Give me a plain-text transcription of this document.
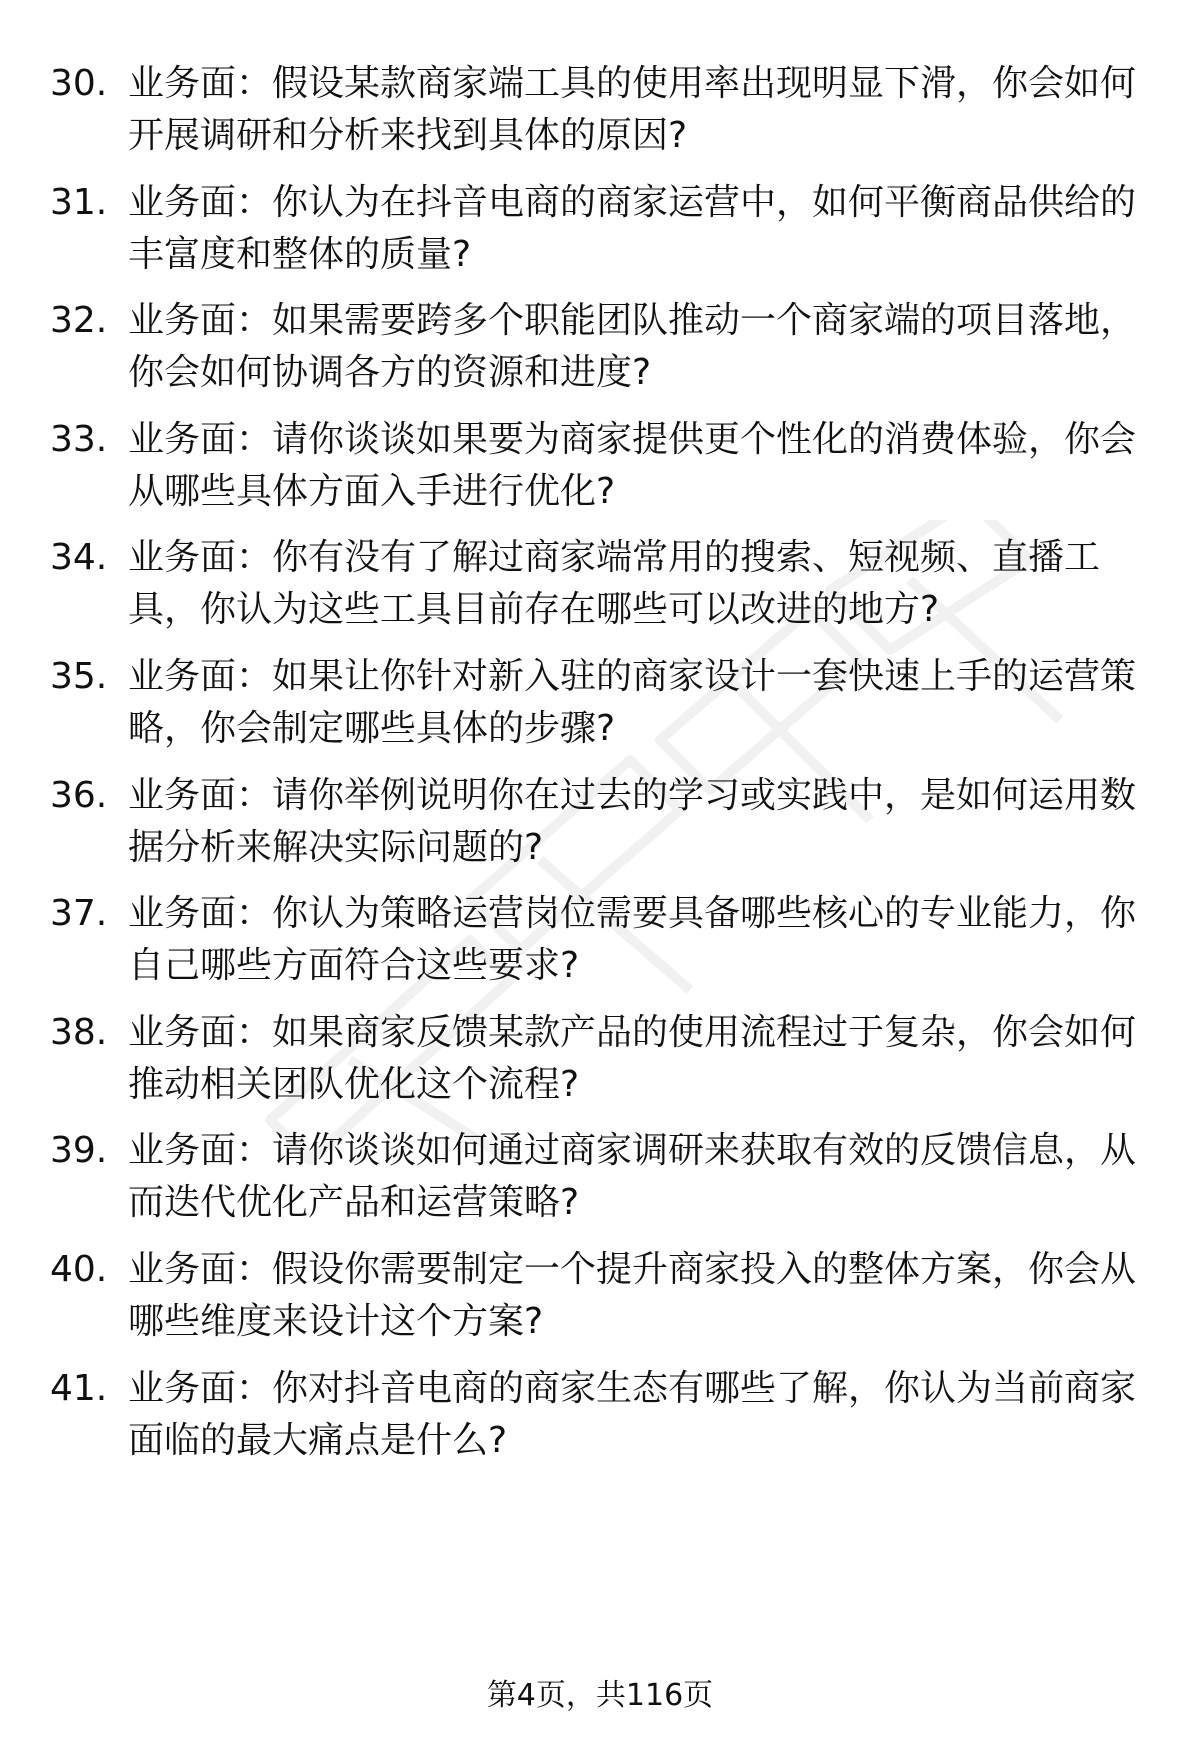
30. 业务面：假设某款商家端工具的使用率出现明显下滑，你会如何
开展调研和分析来找到具体的原因?
31. 业务面：你认为在抖音电商的商家运营中，如何平衡商品供给的
丰富度和整体的质量?
32. 业务面：如果需要跨多个职能团队推动一个商家端的项目落地，
你会如何协调各方的资源和进度?
33. 业务面：请你谈谈如果要为商家提供更个性化的消费体验，你会
从哪些具体方面入手进行优化?
34. 业务面：你有没有了解过商家端常用的搜索、短视频、直播工
具，你认为这些工具目前存在哪些可以改进的地方?
35. 业务面：如果让你针对新入驻的商家设计一套快速上手的运营策
略，你会制定哪些具体的步骤?
36. 业务面：请你举例说明你在过去的学习或实践中，是如何运用数
据分析来解决实际问题的?
37. 业务面：你认为策略运营岗位需要具备哪些核心的专业能力，你
自己哪些方面符合这些要求?
38. 业务面：如果商家反馈某款产品的使用流程过于复杂，你会如何
推动相关团队优化这个流程?
39. 业务面：请你谈谈如何通过商家调研来获取有效的反馈信息，从
而迭代优化产品和运营策略?
40. 业务面：假设你需要制定一个提升商家投入的整体方案，你会从
哪些维度来设计这个方案?
41. 业务面：你对抖音电商的商家生态有哪些了解，你认为当前商家
面临的最大痛点是什么?
第4页，共116页
